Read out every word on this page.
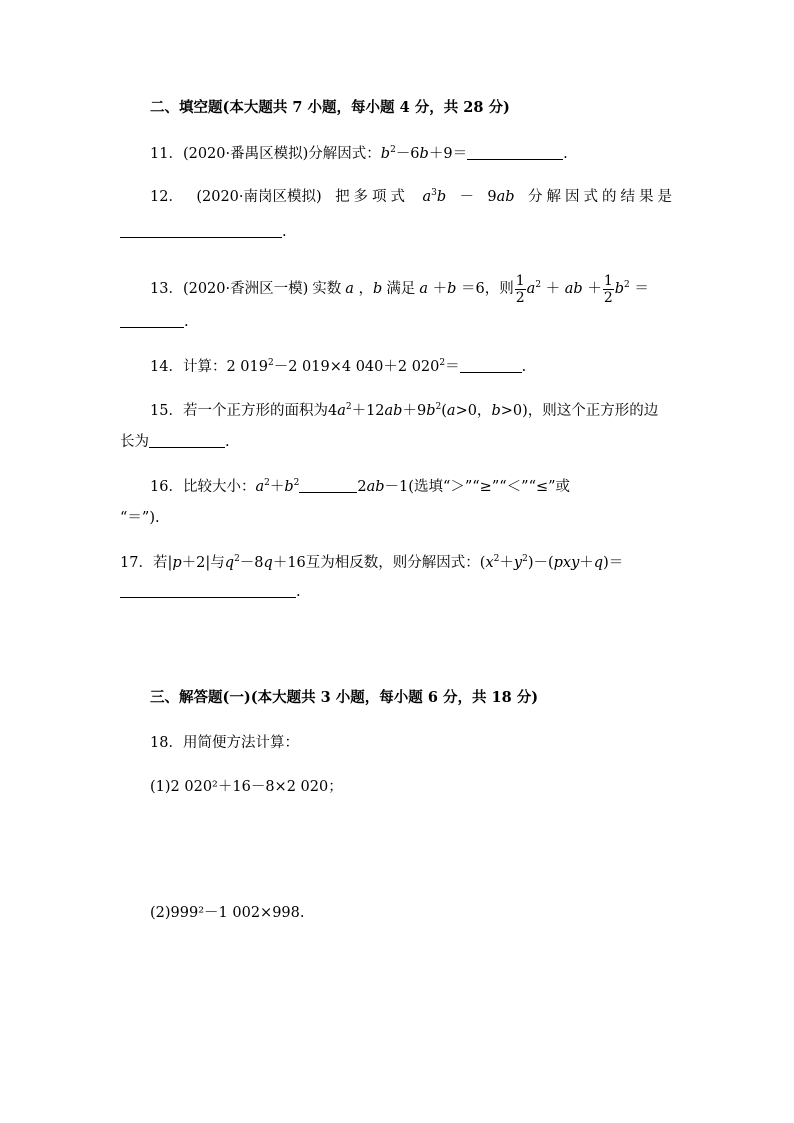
二、填空题(本大题共 7 小题，每小题 4 分，共 28 分)
11．(2020·番禺区模拟)分解因式：$b^2-6b+9=$	.
12． (2020·南岗区模拟) 把多项式 $a^3b - 9ab$ 分解因式的结果是
.
13． (2020·香洲区一模) 实数 a ，b 满足 a ＋b ＝6 ，则 $\frac{1}{2} a^2$ ＋ ab ＋ $\frac{1}{2} b^2$ ＝
.
14．计算：2 $019^2-2$ 019×4 040＋2 $020^2=$	.
15．若一个正方形的面积为$4a^2+12ab+9b^2(a>0$，b>0)，则这个正方形的边
长为	.
16．比较大小：$a^2+b^2$	2ab－1(选填“＞”“≥”“＜”“≤”或
“＝”).
17．若|p＋2|与$q^2-8q+16$互为相反数，则分解因式：$(x^2+y^2)-(pxy+q)=$
.
三、解答题(一)(本大题共 3 小题，每小题 6 分，共 18 分)
18．用简便方法计算：
(1)2 020²＋16－8×2 020；
(2)999²－1 002×998.
